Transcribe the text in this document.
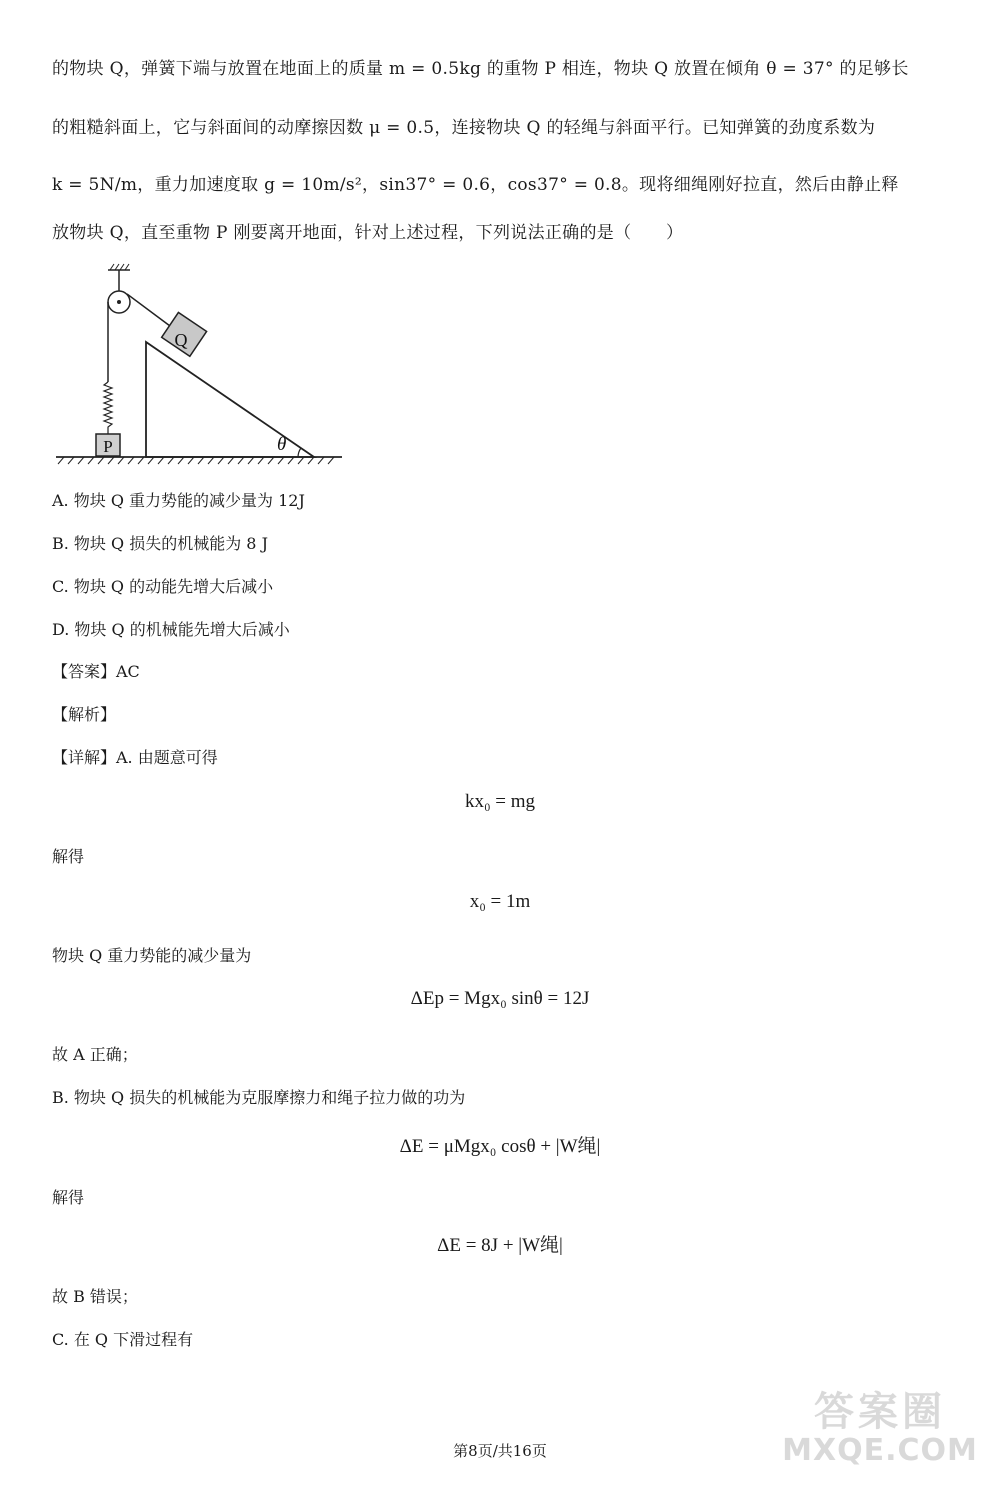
的物块 Q，弹簧下端与放置在地面上的质量 m = 0.5kg 的重物 P 相连，物块 Q 放置在倾角 θ = 37° 的足够长
的粗糙斜面上，它与斜面间的动摩擦因数 μ = 0.5，连接物块 Q 的轻绳与斜面平行。已知弹簧的劲度系数为
k = 5N/m，重力加速度取 g = 10m/s²，sin37° = 0.6，cos37° = 0.8。现将细绳刚好拉直，然后由静止释
放物块 Q，直至重物 P 刚要离开地面，针对上述过程，下列说法正确的是（　　）
P
Q
θ
A. 物块 Q 重力势能的减少量为 12J
B. 物块 Q 损失的机械能为 8 J
C. 物块 Q 的动能先增大后减小
D. 物块 Q 的机械能先增大后减小
【答案】AC
【解析】
【详解】A. 由题意可得
kx₀ = mg
解得
x₀ = 1m
物块 Q 重力势能的减少量为
ΔEp = Mgx₀ sinθ = 12J
故 A 正确；
B. 物块 Q 损失的机械能为克服摩擦力和绳子拉力做的功为
ΔE = μMgx₀ cosθ + |W绳|
解得
ΔE = 8J + |W绳|
故 B 错误；
C. 在 Q 下滑过程有
第8页/共16页
答案圈
MXQE.COM
